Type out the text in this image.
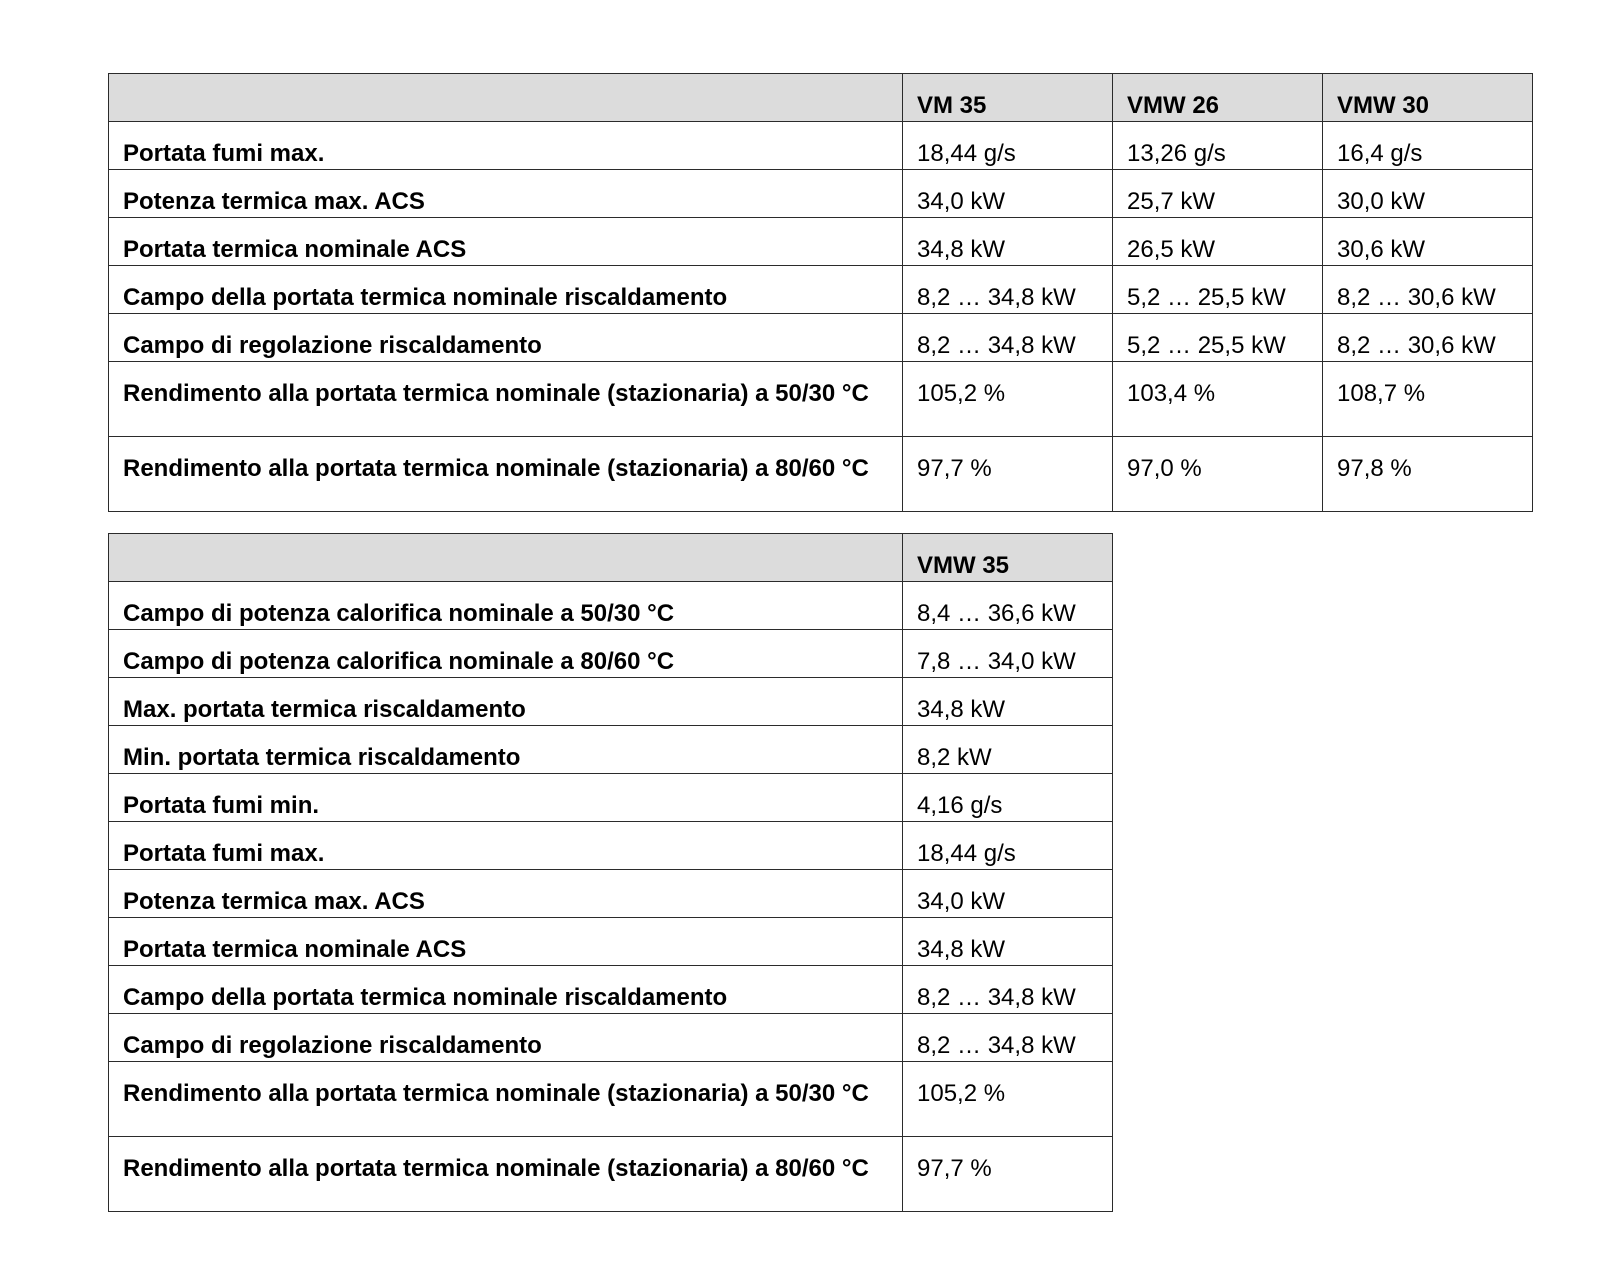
	VM 35	VMW 26	VMW 30
Portata fumi max.	18,44 g/s	13,26 g/s	16,4 g/s
Potenza termica max. ACS	34,0 kW	25,7 kW	30,0 kW
Portata termica nominale ACS	34,8 kW	26,5 kW	30,6 kW
Campo della portata termica nominale riscaldamento	8,2 … 34,8 kW	5,2 … 25,5 kW	8,2 … 30,6 kW
Campo di regolazione riscaldamento	8,2 … 34,8 kW	5,2 … 25,5 kW	8,2 … 30,6 kW
Rendimento alla portata termica nominale (stazionaria) a 50/30 °C	105,2 %	103,4 %	108,7 %
Rendimento alla portata termica nominale (stazionaria) a 80/60 °C	97,7 %	97,0 %	97,8 %
	VMW 35
Campo di potenza calorifica nominale a 50/30 °C	8,4 … 36,6 kW
Campo di potenza calorifica nominale a 80/60 °C	7,8 … 34,0 kW
Max. portata termica riscaldamento	34,8 kW
Min. portata termica riscaldamento	8,2 kW
Portata fumi min.	4,16 g/s
Portata fumi max.	18,44 g/s
Potenza termica max. ACS	34,0 kW
Portata termica nominale ACS	34,8 kW
Campo della portata termica nominale riscaldamento	8,2 … 34,8 kW
Campo di regolazione riscaldamento	8,2 … 34,8 kW
Rendimento alla portata termica nominale (stazionaria) a 50/30 °C	105,2 %
Rendimento alla portata termica nominale (stazionaria) a 80/60 °C	97,7 %
